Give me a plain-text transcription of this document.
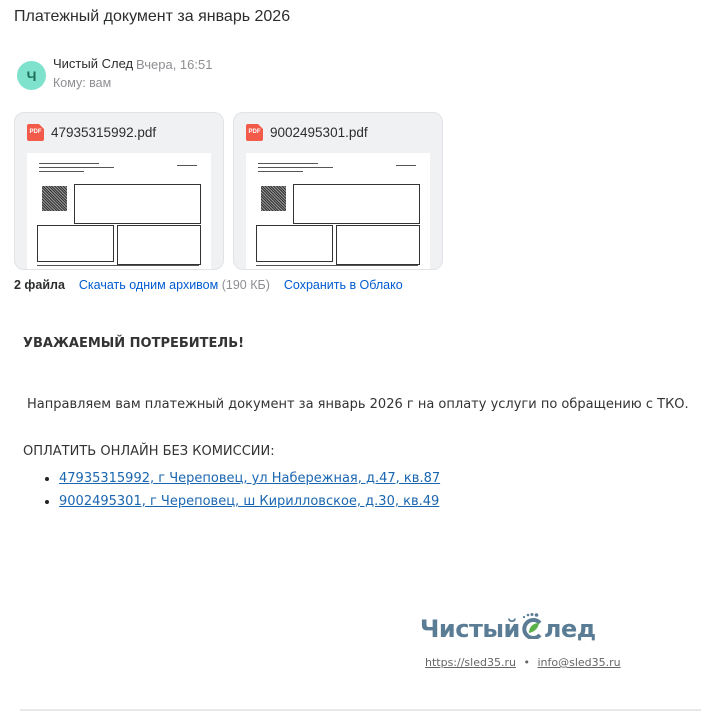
Платежный документ за январь 2026
Ч
Чистый След Вчера, 16:51
Кому: вам
PDF 47935315992.pdf	PDF 9002495301.pdf
2 файла Скачать одним архивом (190 КБ) Сохранить в Облако
УВАЖАЕМЫЙ ПОТРЕБИТЕЛЬ!
Направляем вам платежный документ за январь 2026 г на оплату услуги по обращению с ТКО.
ОПЛАТИТЬ ОНЛАЙН БЕЗ КОМИССИИ:
• 47935315992, г Череповец, ул Набережная, д.47, кв.87
• 9002495301, г Череповец, ш Кирилловское, д.30, кв.49
Чистый лед
https://sled35.ru • info@sled35.ru
